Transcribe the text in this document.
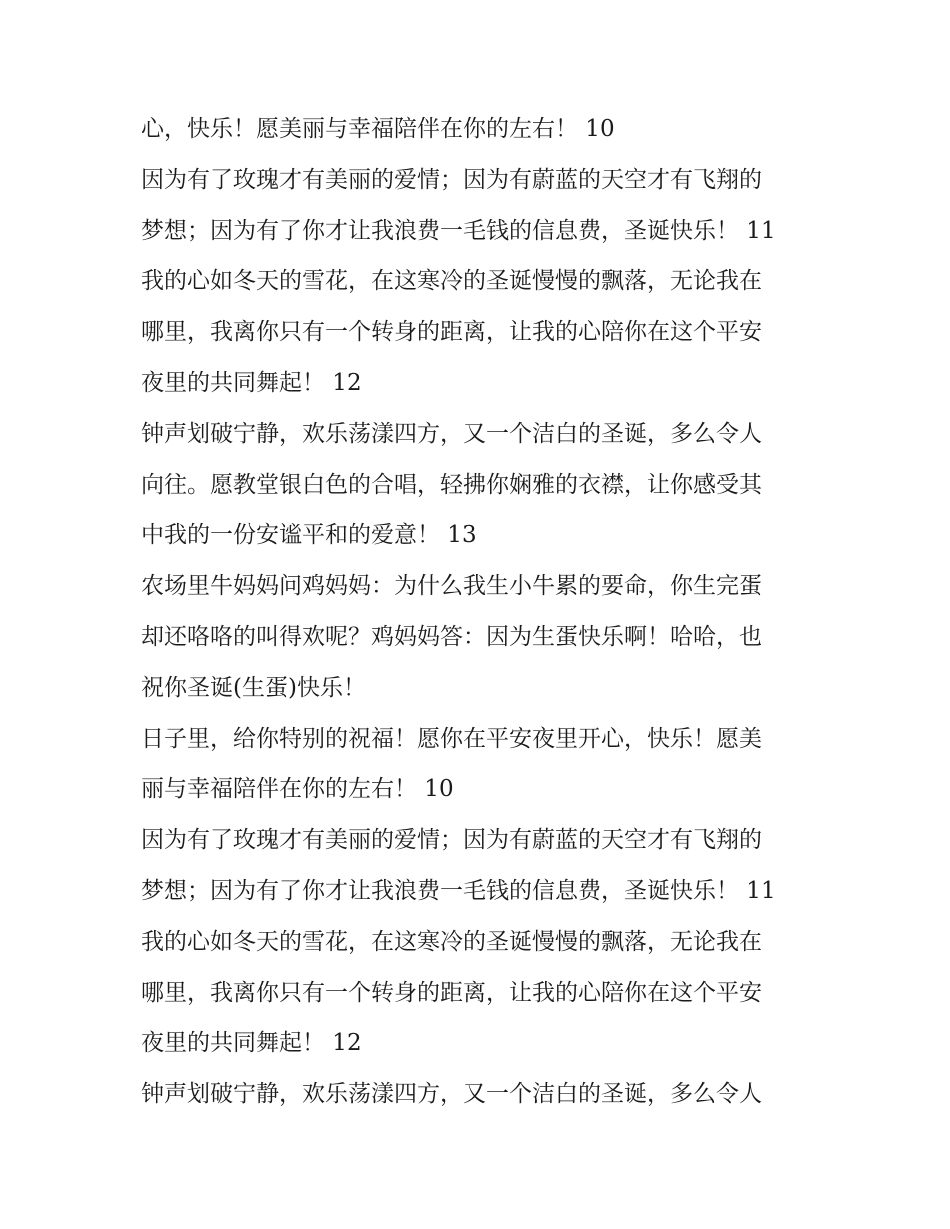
心，快乐！愿美丽与幸福陪伴在你的左右！ 10
因为有了玫瑰才有美丽的爱情；因为有蔚蓝的天空才有飞翔的
梦想；因为有了你才让我浪费一毛钱的信息费，圣诞快乐！ 11
我的心如冬天的雪花，在这寒冷的圣诞慢慢的飘落，无论我在
哪里，我离你只有一个转身的距离，让我的心陪你在这个平安
夜里的共同舞起！ 12
钟声划破宁静，欢乐荡漾四方，又一个洁白的圣诞，多么令人
向往。愿教堂银白色的合唱，轻拂你娴雅的衣襟，让你感受其
中我的一份安谧平和的爱意！ 13
农场里牛妈妈问鸡妈妈：为什么我生小牛累的要命，你生完蛋
却还咯咯的叫得欢呢？鸡妈妈答：因为生蛋快乐啊！哈哈，也
祝你圣诞(生蛋)快乐！
日子里，给你特别的祝福！愿你在平安夜里开心，快乐！愿美
丽与幸福陪伴在你的左右！ 10
因为有了玫瑰才有美丽的爱情；因为有蔚蓝的天空才有飞翔的
梦想；因为有了你才让我浪费一毛钱的信息费，圣诞快乐！ 11
我的心如冬天的雪花，在这寒冷的圣诞慢慢的飘落，无论我在
哪里，我离你只有一个转身的距离，让我的心陪你在这个平安
夜里的共同舞起！ 12
钟声划破宁静，欢乐荡漾四方，又一个洁白的圣诞，多么令人
